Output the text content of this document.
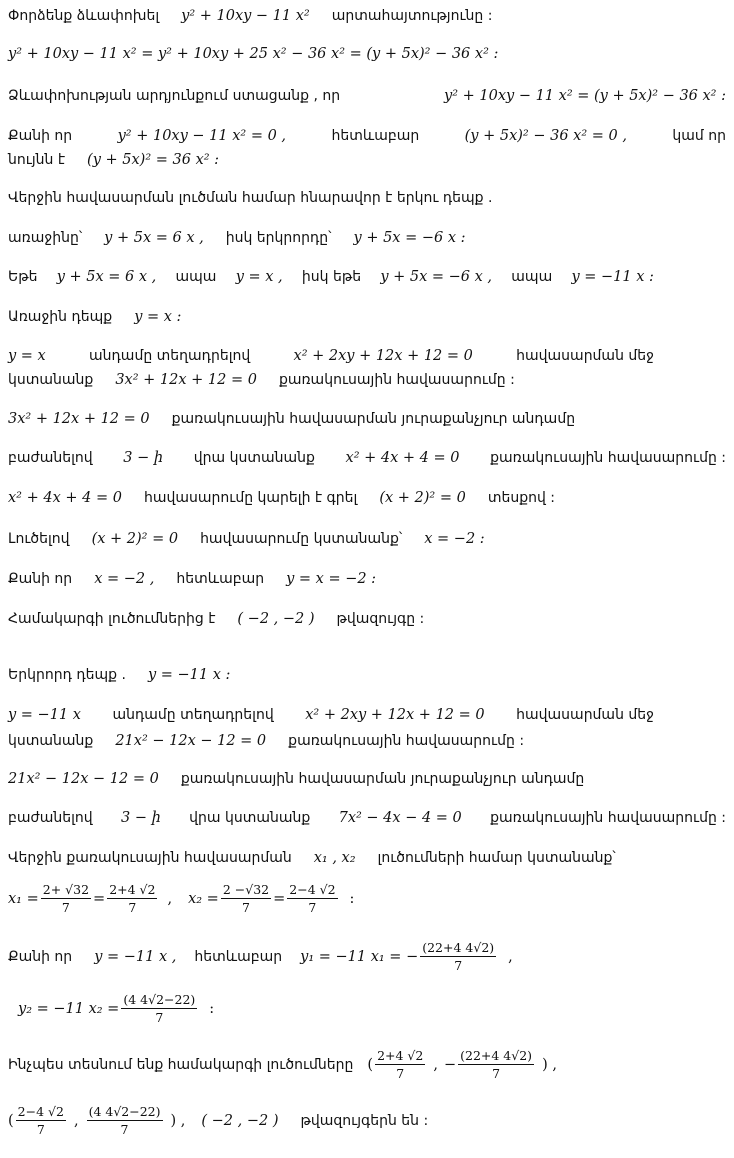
Փորձենք ձևափոխել y² + 10xy − 11 x² արտահայտությունը :
y² + 10xy − 11 x² = y² + 10xy + 25 x² − 36 x² = (y + 5x)² − 36 x² :
Ձևափոխության արդյունքում ստացանք , որ	y² + 10xy − 11 x² = (y + 5x)² − 36 x² :
Քանի որ	y² + 10xy − 11 x² = 0 ,	հետևաբար	(y + 5x)² − 36 x² = 0 ,	կամ որ
նույնն է (y + 5x)² = 36 x² :
Վերջին հավասարման լուծման համար հնարավոր է երկու դեպք .
առաջինը՝ y + 5x = 6 x , իսկ երկրորդը՝ y + 5x = −6 x :
Եթե y + 5x = 6 x , ապա y = x , իսկ եթե y + 5x = −6 x , ապա y = −11 x :
Առաջին դեպք y = x :
y = x	անդամը տեղադրելով	x² + 2xy + 12x + 12 = 0	հավասարման մեջ
կստանանք 3x² + 12x + 12 = 0 քառակուսային հավասարումը :
3x² + 12x + 12 = 0 քառակուսային հավասարման յուրաքանչյուր անդամը
բաժանելով 3 − ի վրա կստանանք x² + 4x + 4 = 0 քառակուսային հավասարումը :
x² + 4x + 4 = 0 հավասարումը կարելի է գրել (x + 2)² = 0 տեսքով :
Լուծելով (x + 2)² = 0 հավասարումը կստանանք՝ x = −2 :
Քանի որ x = −2 , հետևաբար y = x = −2 :
Համակարգի լուծումներից է ( −2 , −2 ) թվազույգը :
Երկրորդ դեպք . y = −11 x :
y = −11 x անդամը տեղադրելով x² + 2xy + 12x + 12 = 0 հավասարման մեջ
կստանանք 21x² − 12x − 12 = 0 քառակուսային հավասարումը :
21x² − 12x − 12 = 0 քառակուսային հավասարման յուրաքանչյուր անդամը
բաժանելով 3 − ի վրա կստանանք 7x² − 4x − 4 = 0 քառակուսային հավասարումը :
Վերջին քառակուսային հավասարման x₁ , x₂ լուծումների համար կստանանք՝
$x_1 = \frac{2+ √32}{7} = \frac{2+4 √2}{7}$ , $x_2 = \frac{2 -√32}{7} = \frac{2-4 √2}{7}$ :
Քանի որ y = −11 x , հետևաբար y₁ = −11 x₁ = − $\frac{(22+4 4√2)}{7}$ ,
y₂ = −11 $x_2 = \frac{(4 4√2-22)}{7}$ :
Ինչպես տեսնում ենք համակարգի լուծումները ( $\frac{2+4 √2}{7}$ , − $\frac{(22+4 4√2)}{7}$ ) ,
( $\frac{2-4 √2}{7}$ , $\frac{(4 4√2-22)}{7}$ ) , ( −2 , −2 ) թվազույգերն են :
